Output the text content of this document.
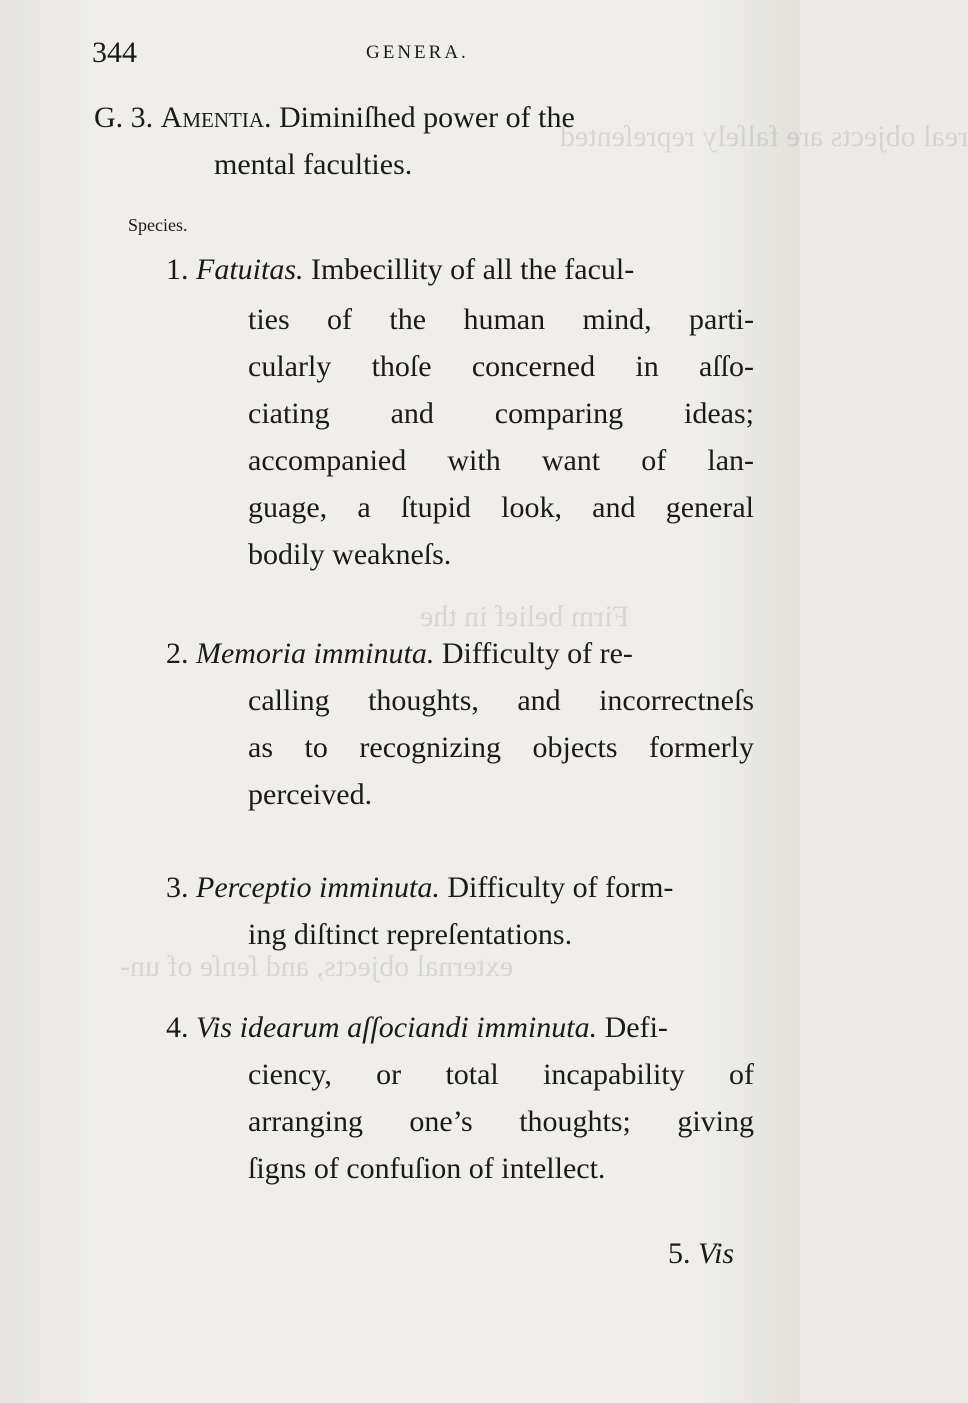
real objects are falſely repreſented
Firm belief in the
external objects, and ſenſe of un-
344	GENERA.
G. 3. Amentia. Diminiſhed power of the
mental faculties.
Species.
1. Fatuitas. Imbecillity of all the facul-
ties of the human mind, parti-
cularly thoſe concerned in aſſo-
ciating and comparing ideas;
accompanied with want of lan-
guage, a ſtupid look, and general
bodily weakneſs.
2. Memoria imminuta. Difficulty of re-
calling thoughts, and incorrectneſs
as to recognizing objects formerly
perceived.
3. Perceptio imminuta. Difficulty of form-
ing diſtinct repreſentations.
4. Vis idearum aſſociandi imminuta. Defi-
ciency, or total incapability of
arranging one’s thoughts; giving
ſigns of confuſion of intellect.
5. Vis
